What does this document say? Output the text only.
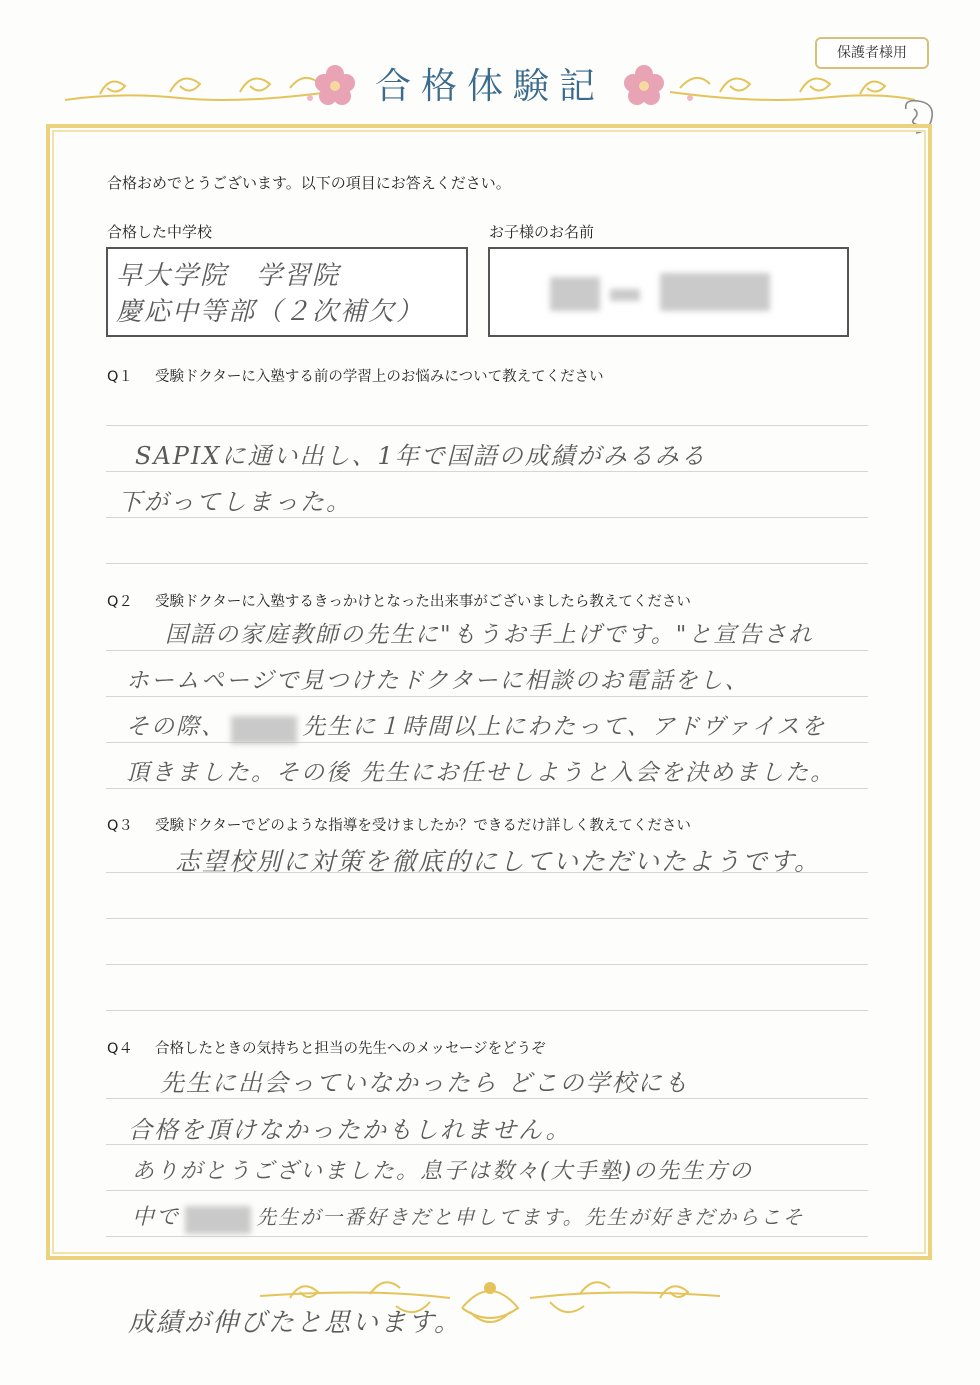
保護者様用
合格体験記
合格おめでとうございます。以下の項目にお答えください。
合格した中学校
早大学院　学習院
慶応中等部（２次補欠）
お子様のお名前
Q１ 受験ドクターに入塾する前の学習上のお悩みについて教えてください
SAPIXに通い出し、1年で国語の成績がみるみる
下がってしまった。
Q２ 受験ドクターに入塾するきっかけとなった出来事がございましたら教えてください
国語の家庭教師の先生に"もうお手上げです。"と宣告され
ホームページで見つけたドクターに相談のお電話をし、
その際、	先生に１時間以上にわたって、アドヴァイスを
頂きました。その後 先生にお任せしようと入会を決めました。
Q３ 受験ドクターでどのような指導を受けましたか？できるだけ詳しく教えてください
志望校別に対策を徹底的にしていただいたようです。
Q４ 合格したときの気持ちと担当の先生へのメッセージをどうぞ
先生に出会っていなかったら どこの学校にも
合格を頂けなかったかもしれません。
ありがとうございました。息子は数々(大手塾)の先生方の
中で	先生が一番好きだと申してます。先生が好きだからこそ
成績が伸びたと思います。
